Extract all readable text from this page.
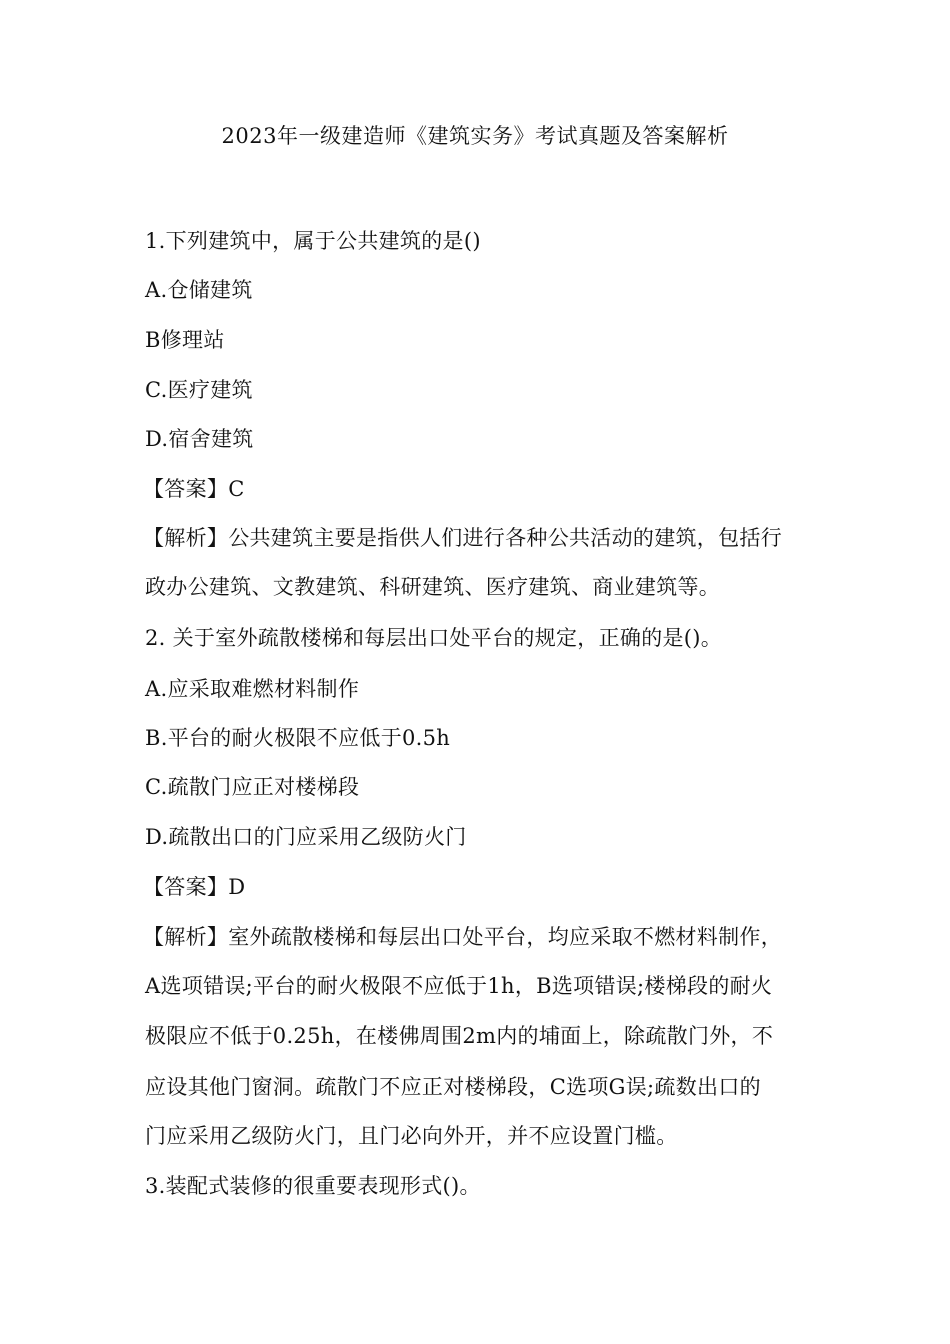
2023年一级建造师《建筑实务》考试真题及答案解析
1.下列建筑中，属于公共建筑的是()
A.仓储建筑
B修理站
C.医疗建筑
D.宿舍建筑
【答案】C
【解析】公共建筑主要是指供人们进行各种公共活动的建筑，包括行
政办公建筑、文教建筑、科研建筑、医疗建筑、商业建筑等。
2. 关于室外疏散楼梯和每层出口处平台的规定，正确的是()。
A.应采取难燃材料制作
B.平台的耐火极限不应低于0.5h
C.疏散门应正对楼梯段
D.疏散出口的门应采用乙级防火门
【答案】D
【解析】室外疏散楼梯和每层出口处平台，均应采取不燃材料制作，
A选项错误;平台的耐火极限不应低于1h，B选项错误;楼梯段的耐火
极限应不低于0.25h，在楼佛周围2m内的埔面上，除疏散门外，不
应设其他门窗洞。疏散门不应正对楼梯段，C选项G误;疏数出口的
门应采用乙级防火门，且门必向外开，并不应设置门槛。
3.装配式装修的很重要表现形式()。
